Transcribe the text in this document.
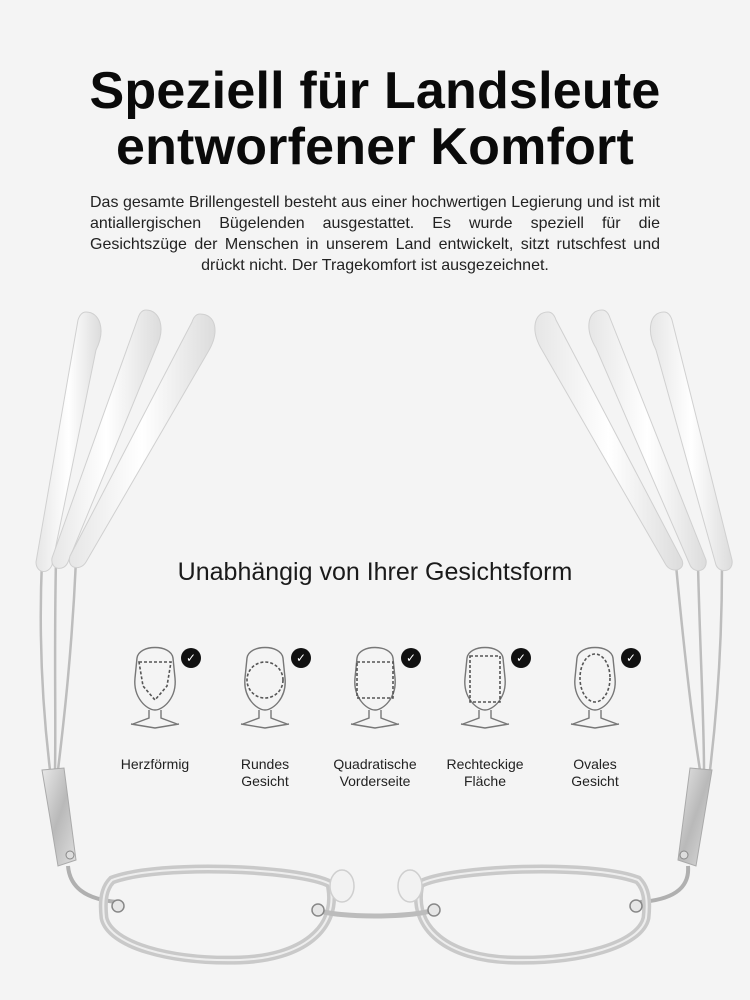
Speziell für Landsleute
entworfener Komfort

Das gesamte Brillengestell besteht aus einer hochwertigen Legierung und ist mit antiallergischen Bügelenden ausgestattet. Es wurde speziell für die Gesichtszüge der Menschen in unserem Land entwickelt, sitzt rutschfest und drückt nicht. Der Tragekomfort ist ausgezeichnet.

Unabhängig von Ihrer Gesichtsform
✓
Herzförmig

✓
Rundes
Gesicht
✓
Quadratische
Vorderseite
✓
Rechteckige
Fläche
✓
Ovales
Gesicht
